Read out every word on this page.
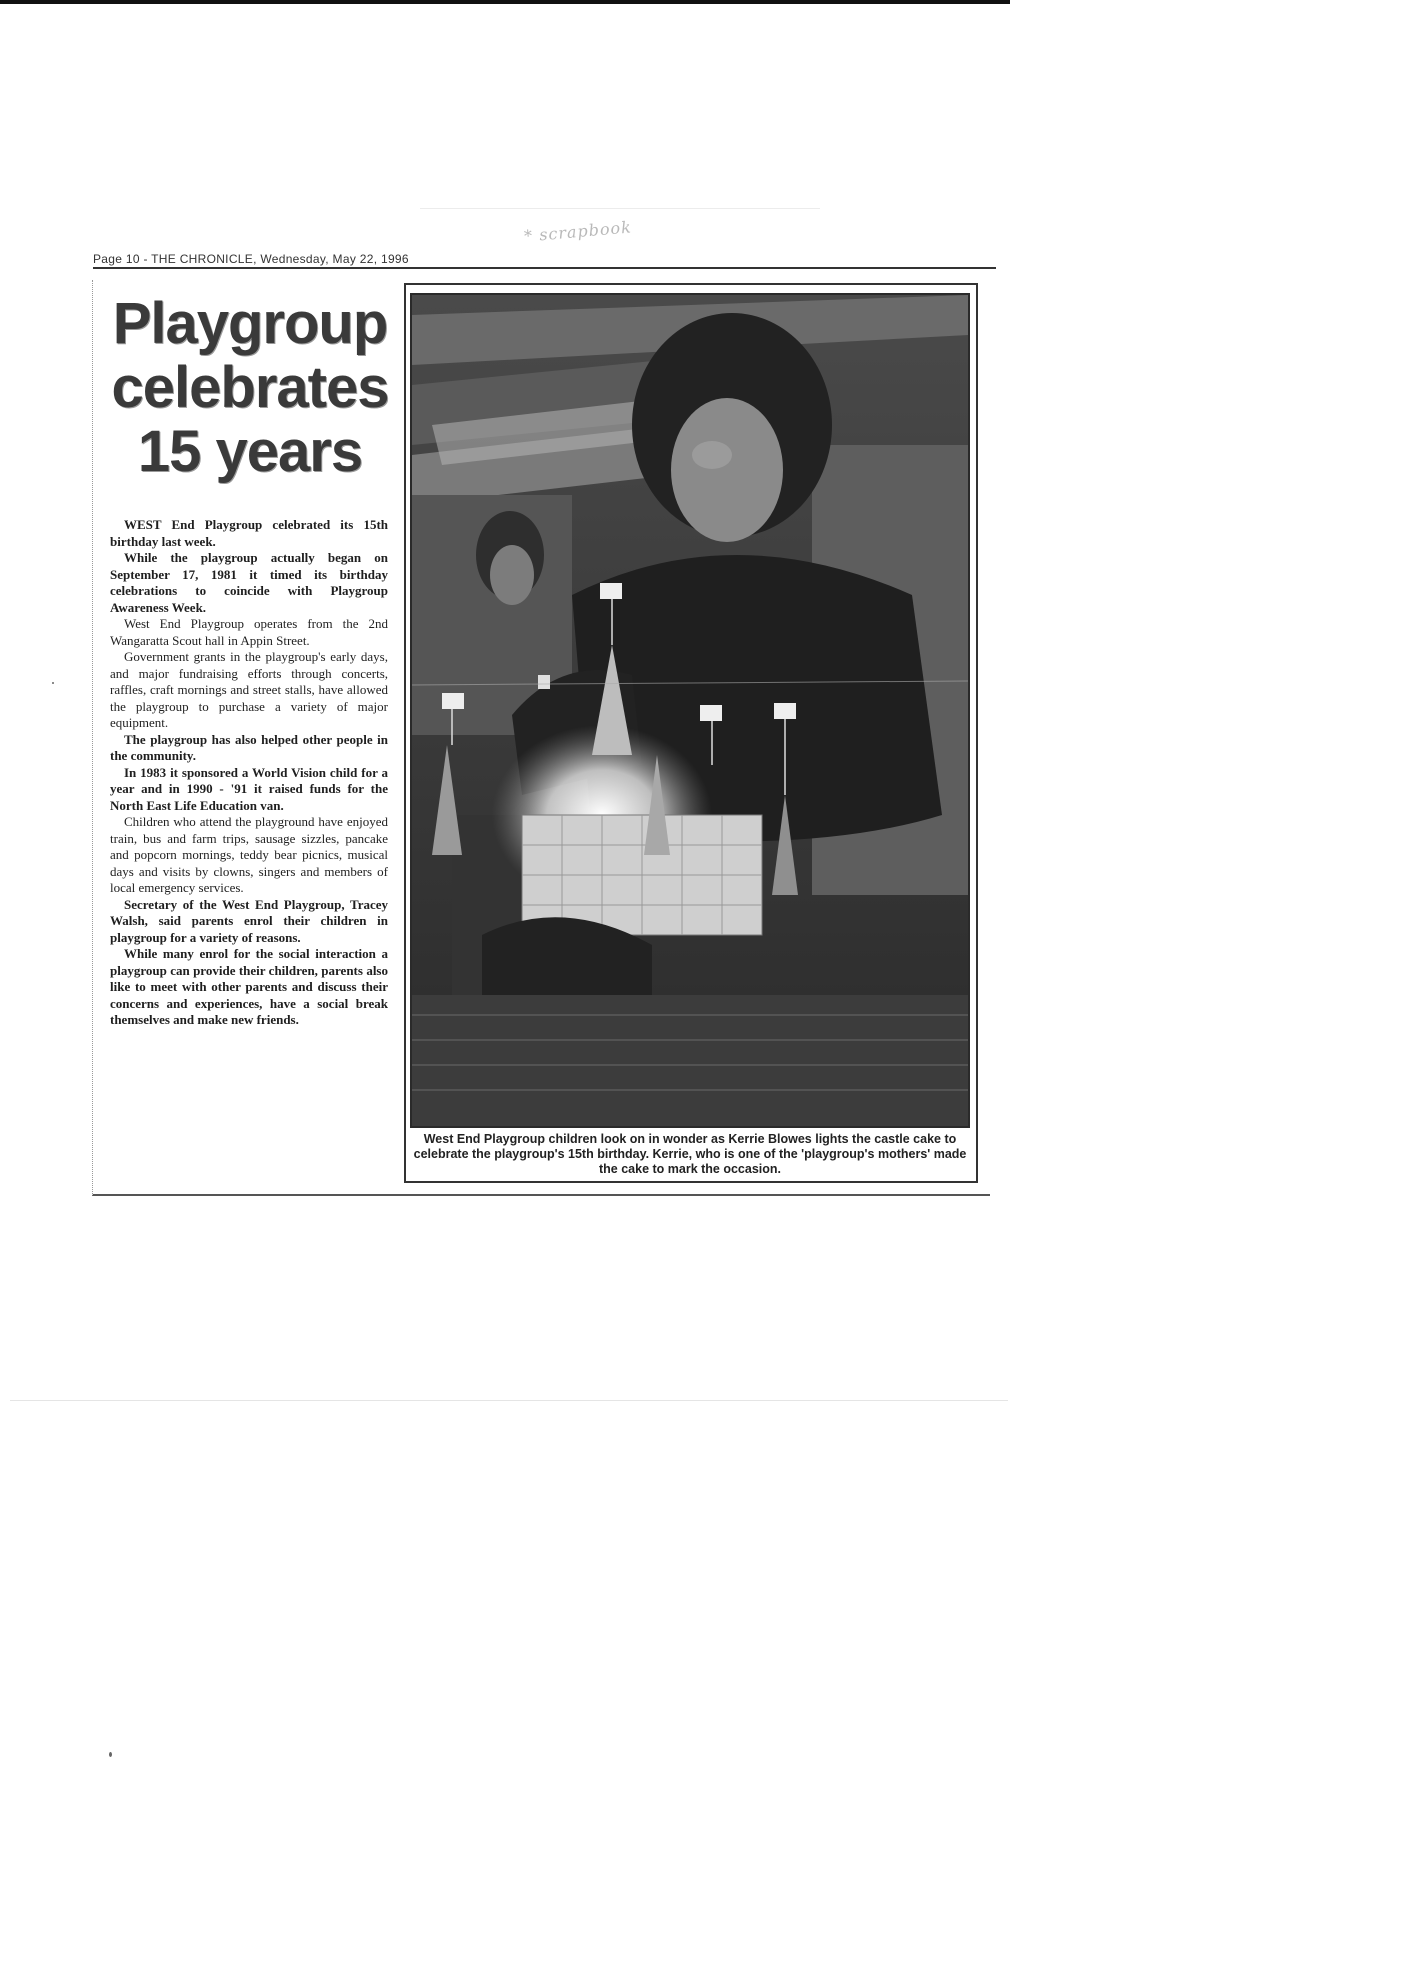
* scrapbook
Page 10 - THE CHRONICLE, Wednesday, May 22, 1996
Playgroup
celebrates
15 years

WEST End Playgroup celebrated its 15th birthday last week.

While the playgroup actually began on September 17, 1981 it timed its birthday celebrations to coincide with Playgroup Awareness Week.

West End Playgroup operates from the 2nd Wangaratta Scout hall in Appin Street.

Government grants in the playgroup's early days, and major fundraising efforts through concerts, raffles, craft mornings and street stalls, have allowed the playgroup to purchase a variety of major equipment.

The playgroup has also helped other people in the community.

In 1983 it sponsored a World Vision child for a year and in 1990 - '91 it raised funds for the North East Life Education van.

Children who attend the playground have enjoyed train, bus and farm trips, sausage sizzles, pancake and popcorn mornings, teddy bear picnics, musical days and visits by clowns, singers and members of local emergency services.

Secretary of the West End Playgroup, Tracey Walsh, said parents enrol their children in playgroup for a variety of reasons.

While many enrol for the social interaction a playgroup can provide their children, parents also like to meet with other parents and discuss their concerns and experiences, have a social break themselves and make new friends.

West End Playgroup children look on in wonder as Kerrie Blowes lights the castle cake to celebrate the playgroup's 15th birthday. Kerrie, who is one of the 'playgroup's mothers' made the cake to mark the occasion.
